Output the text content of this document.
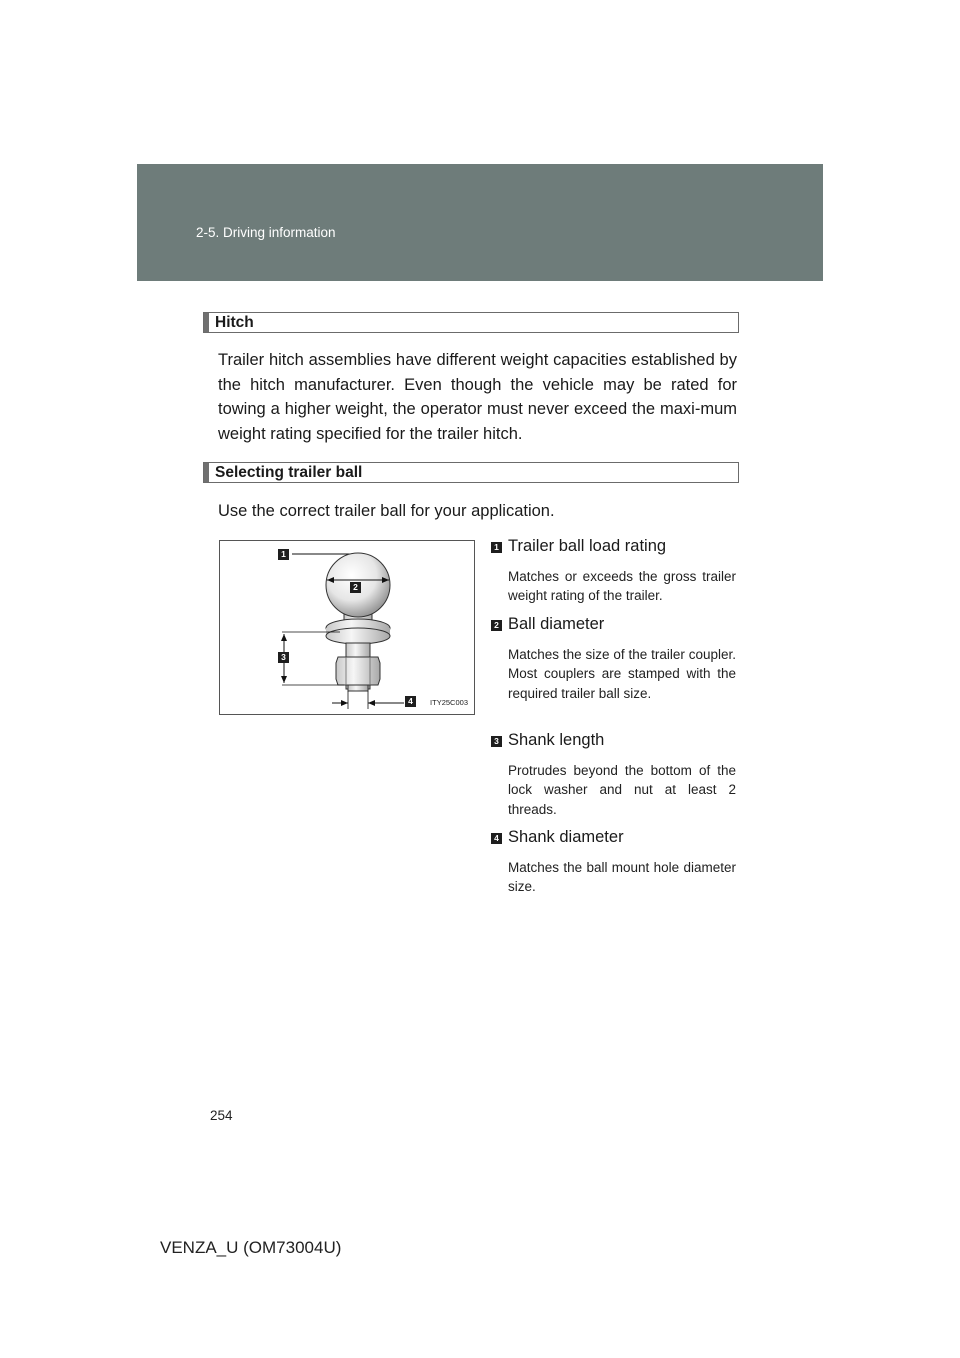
2-5. Driving information
Hitch
Trailer hitch assemblies have different weight capacities established by the hitch manufacturer. Even though the vehicle may be rated for towing a higher weight, the operator must never exceed the maxi-mum weight rating specified for the trailer hitch.
Selecting trailer ball
Use the correct trailer ball for your application.
1
2
3
4	ITY25C003
1 Trailer ball load rating
Matches or exceeds the gross trailer weight rating of the trailer.
2 Ball diameter
Matches the size of the trailer coupler. Most couplers are stamped with the required trailer ball size.
3 Shank length
Protrudes beyond the bottom of the lock washer and nut at least 2 threads.
4 Shank diameter
Matches the ball mount hole diameter size.
254
VENZA_U (OM73004U)
